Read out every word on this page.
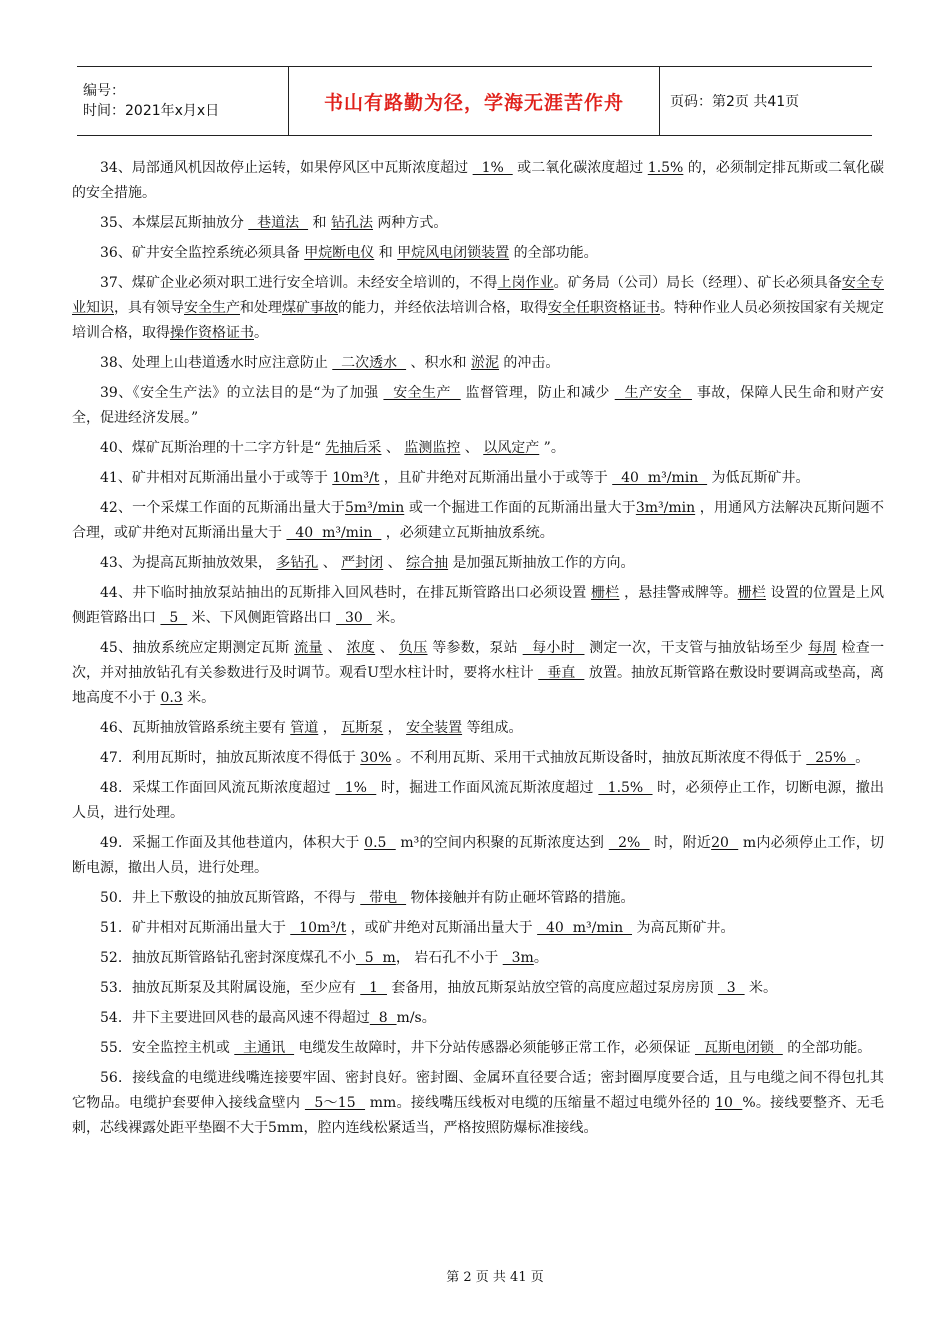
编号：
时间：2021年x月x日	书山有路勤为径，学海无涯苦作舟	页码：第2页 共41页
34、局部通风机因故停止运转，如果停风区中瓦斯浓度超过   1%   或二氧化碳浓度超过 1.5% 的，必须制定排瓦斯或二氧化碳的安全措施。
35、本煤层瓦斯抽放分   巷道法   和 钻孔法 两种方式。
36、矿井安全监控系统必须具备 甲烷断电仪 和 甲烷风电闭锁装置 的全部功能。
37、煤矿企业必须对职工进行安全培训。未经安全培训的，不得上岗作业。矿务局（公司）局长（经理）、矿长必须具备安全专业知识，具有领导安全生产和处理煤矿事故的能力，并经依法培训合格，取得安全任职资格证书。特种作业人员必须按国家有关规定培训合格，取得操作资格证书。
38、处理上山巷道透水时应注意防止   二次透水   、积水和 淤泥 的冲击。
39、《安全生产法》的立法目的是“为了加强   安全生产   监督管理，防止和减少   生产安全   事故，保障人民生命和财产安全，促进经济发展。”
40、煤矿瓦斯治理的十二字方针是“ 先抽后采 、 监测监控 、 以风定产 ”。
41、矿井相对瓦斯涌出量小于或等于 10m³/t ，且矿井绝对瓦斯涌出量小于或等于   40  m³/min   为低瓦斯矿井。
42、一个采煤工作面的瓦斯涌出量大于5m³/min 或一个掘进工作面的瓦斯涌出量大于3m³/min ，用通风方法解决瓦斯问题不合理，或矿井绝对瓦斯涌出量大于   40  m³/min   ，必须建立瓦斯抽放系统。
43、为提高瓦斯抽放效果， 多钻孔 、 严封闭 、 综合抽 是加强瓦斯抽放工作的方向。
44、井下临时抽放泵站抽出的瓦斯排入回风巷时，在排瓦斯管路出口必须设置 栅栏 ，悬挂警戒牌等。栅栏 设置的位置是上风侧距管路出口   5   米、下风侧距管路出口   30   米。
45、抽放系统应定期测定瓦斯 流量 、 浓度 、 负压 等参数，泵站   每小时   测定一次，干支管与抽放钻场至少 每周 检查一次，并对抽放钻孔有关参数进行及时调节。观看U型水柱计时，要将水柱计   垂直   放置。抽放瓦斯管路在敷设时要调高或垫高，离地高度不小于 0.3 米。
46、瓦斯抽放管路系统主要有 管道 ， 瓦斯泵 ， 安全装置 等组成。
47．利用瓦斯时，抽放瓦斯浓度不得低于 30% 。不利用瓦斯、采用干式抽放瓦斯设备时，抽放瓦斯浓度不得低于   25%  。
48．采煤工作面回风流瓦斯浓度超过   1%   时，掘进工作面风流瓦斯浓度超过   1.5%   时，必须停止工作，切断电源，撤出人员，进行处理。
49．采掘工作面及其他巷道内，体积大于 0.5   m³的空间内积聚的瓦斯浓度达到   2%   时，附近20   m内必须停止工作，切断电源，撤出人员，进行处理。
50．井上下敷设的抽放瓦斯管路，不得与   带电   物体接触并有防止砸坏管路的措施。
51．矿井相对瓦斯涌出量大于   10m³/t ，或矿井绝对瓦斯涌出量大于   40  m³/min   为高瓦斯矿井。
52．抽放瓦斯管路钻孔密封深度煤孔不小  5  m， 岩石孔不小于   3m。
53．抽放瓦斯泵及其附属设施，至少应有   1   套备用，抽放瓦斯泵站放空管的高度应超过泵房房顶   3   米。
54．井下主要进回风巷的最高风速不得超过  8  m/s。
55．安全监控主机或   主通讯   电缆发生故障时，井下分站传感器必须能够正常工作，必须保证   瓦斯电闭锁   的全部功能。
56．接线盒的电缆进线嘴连接要牢固、密封良好。密封圈、金属环直径要合适；密封圈厚度要合适，且与电缆之间不得包扎其它物品。电缆护套要伸入接线盒壁内   5～15   mm。接线嘴压线板对电缆的压缩量不超过电缆外径的 10  %。接线要整齐、无毛刺，芯线裸露处距平垫圈不大于5mm，腔内连线松紧适当，严格按照防爆标准接线。
第 2 页 共 41 页
